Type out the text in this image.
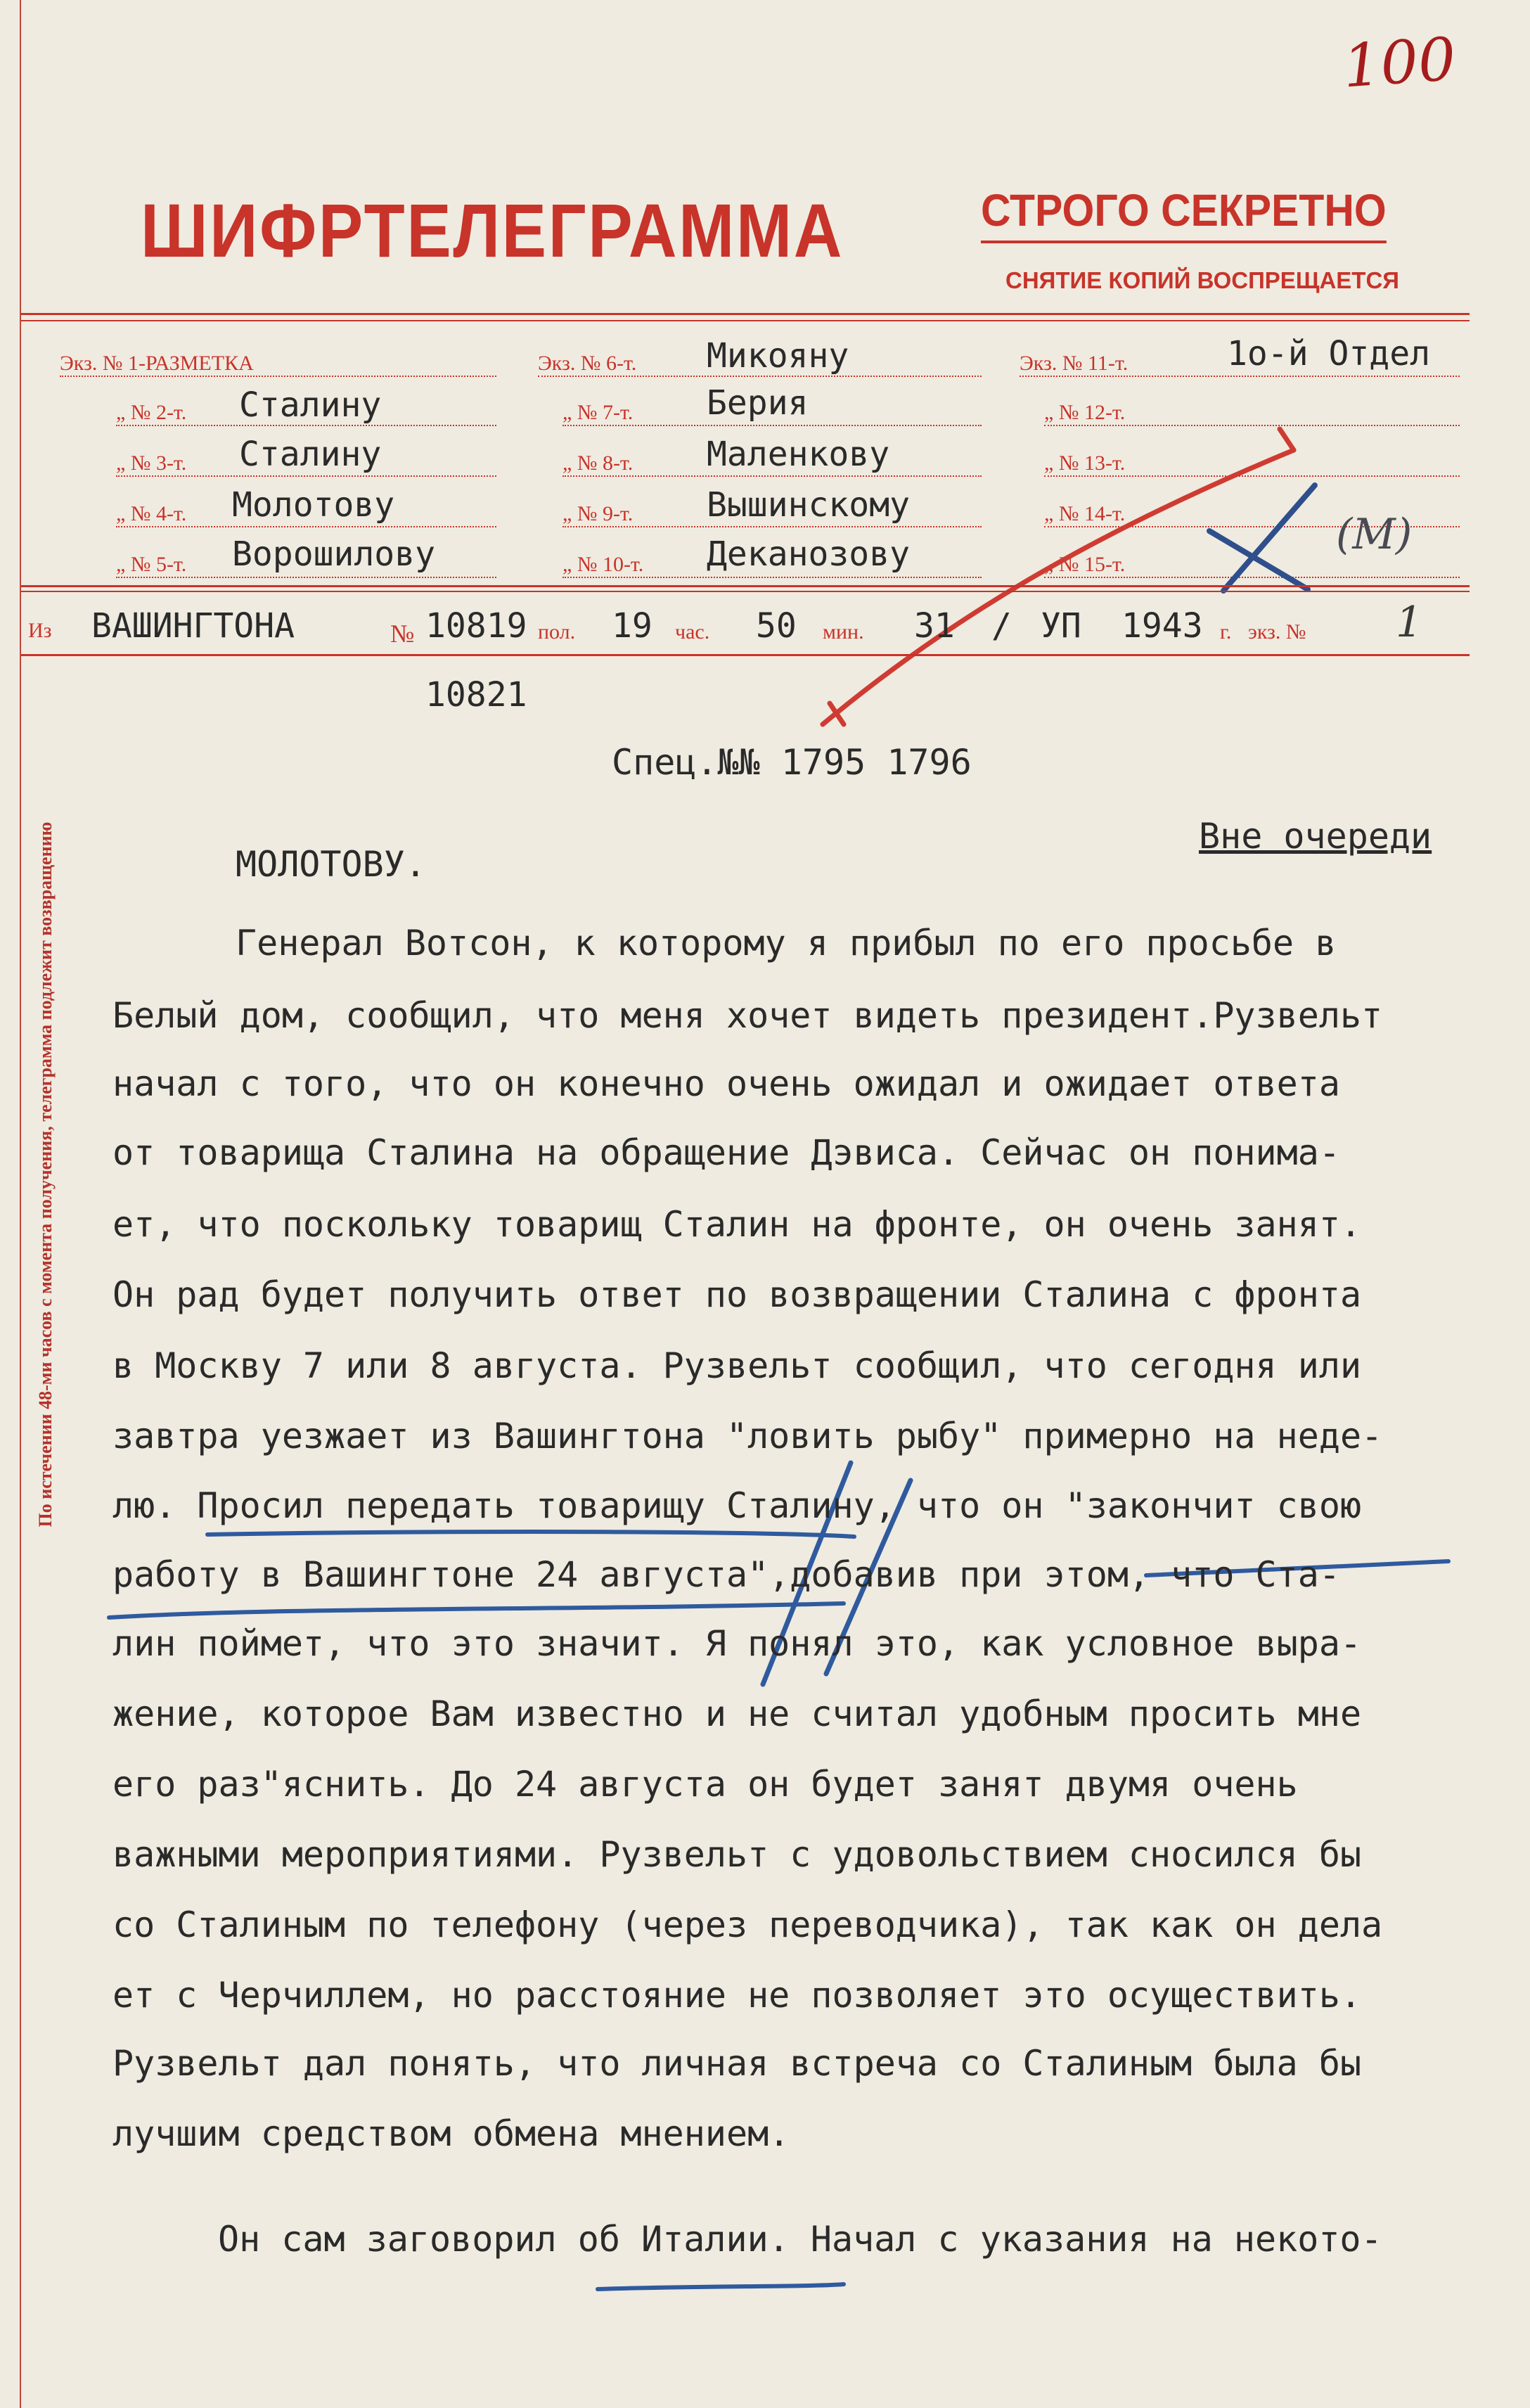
По истечении 48-ми часов с момента получения, телеграмма подлежит возвращению
100
ШИФРТЕЛЕГРАММА	СТРОГО СЕКРЕТНО
СНЯТИЕ КОПИЙ ВОСПРЕЩАЕТСЯ
Экз. № 1-РАЗМЕТКА
„ № 2-т.	Сталину
„ № 3-т.	Сталину
„ № 4-т.	Молотову
„ № 5-т.	Ворошилову
Экз. № 6-т.	Микояну
„ № 7-т.	Берия
„ № 8-т.	Маленкову
„ № 9-т.	Вышинскому
„ № 10-т.	Деканозову
Экз. № 11-т.	1о-й Отдел
„ № 12-т.
„ № 13-т.
„ № 14-т.
„ № 15-т.
(М)
Из ВАШИНГТОНА	№ 10819 пол. 19 час. 50 мин. 31 / УП 1943 г. экз. № 1
10821
Спец.№№ 1795 1796
Вне очереди
МОЛОТОВУ.
Генерал Вотсон, к которому я прибыл по его просьбе в
Белый дом, сообщил, что меня хочет видеть президент.Рузвельт
начал с того, что он конечно очень ожидал и ожидает ответа
от товарища Сталина на обращение Дэвиса. Сейчас он понима-
ет, что поскольку товарищ Сталин на фронте, он очень занят.
Он рад будет получить ответ по возвращении Сталина с фронта
в Москву 7 или 8 августа. Рузвельт сообщил, что сегодня или
завтра уезжает из Вашингтона "ловить рыбу" примерно на неде-
лю. Просил передать товарищу Сталину, что он "закончит свою
работу в Вашингтоне 24 августа",добавив при этом, что Ста-
лин поймет, что это значит. Я понял это, как условное выра-
жение, которое Вам известно и не считал удобным просить мне
его раз"яснить. До 24 августа он будет занят двумя очень
важными мероприятиями. Рузвельт с удовольствием сносился бы
со Сталиным по телефону (через переводчика), так как он дела
ет с Черчиллем, но расстояние не позволяет это осуществить.
Рузвельт дал понять, что личная встреча со Сталиным была бы
лучшим средством обмена мнением.
Он сам заговорил об Италии. Начал с указания на некото-
